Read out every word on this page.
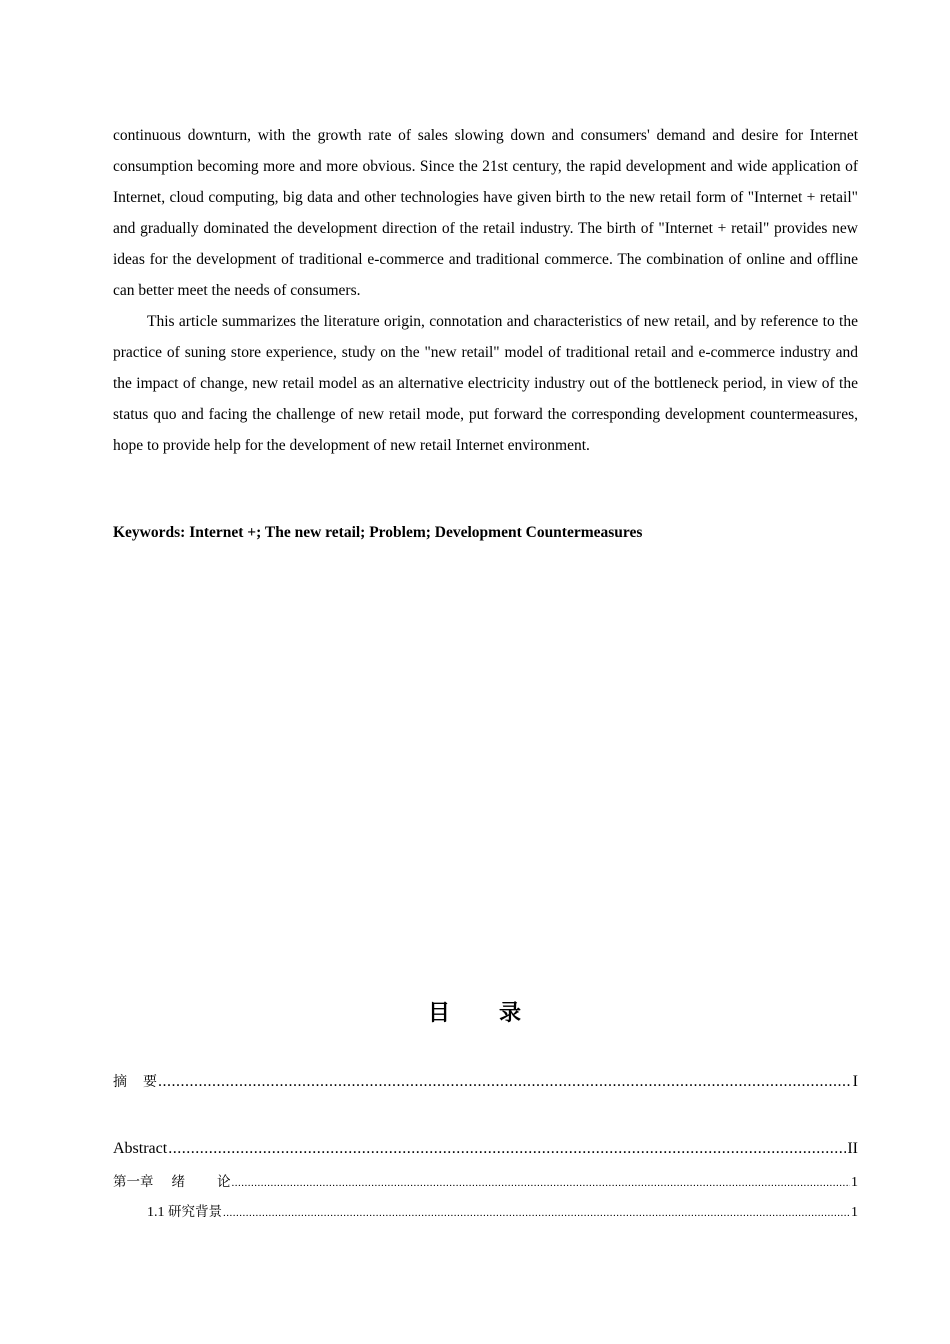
continuous downturn, with the growth rate of sales slowing down and consumers' demand and desire for Internet consumption becoming more and more obvious. Since the 21st century, the rapid development and wide application of Internet, cloud computing, big data and other technologies have given birth to the new retail form of "Internet + retail" and gradually dominated the development direction of the retail industry. The birth of "Internet + retail" provides new ideas for the development of traditional e-commerce and traditional commerce. The combination of online and offline can better meet the needs of consumers.

This article summarizes the literature origin, connotation and characteristics of new retail, and by reference to the practice of suning store experience, study on the "new retail" model of traditional retail and e-commerce industry and the impact of change, new retail model as an alternative electricity industry out of the bottleneck period, in view of the status quo and facing the challenge of new retail mode, put forward the corresponding development countermeasures, hope to provide help for the development of new retail Internet environment.

Keywords: Internet +; The new retail; Problem; Development Countermeasures
目 录
摘 要 .....	I
Abstract .....	II
第一章 绪 论 .....	1
1.1 研究背景 .....	1
